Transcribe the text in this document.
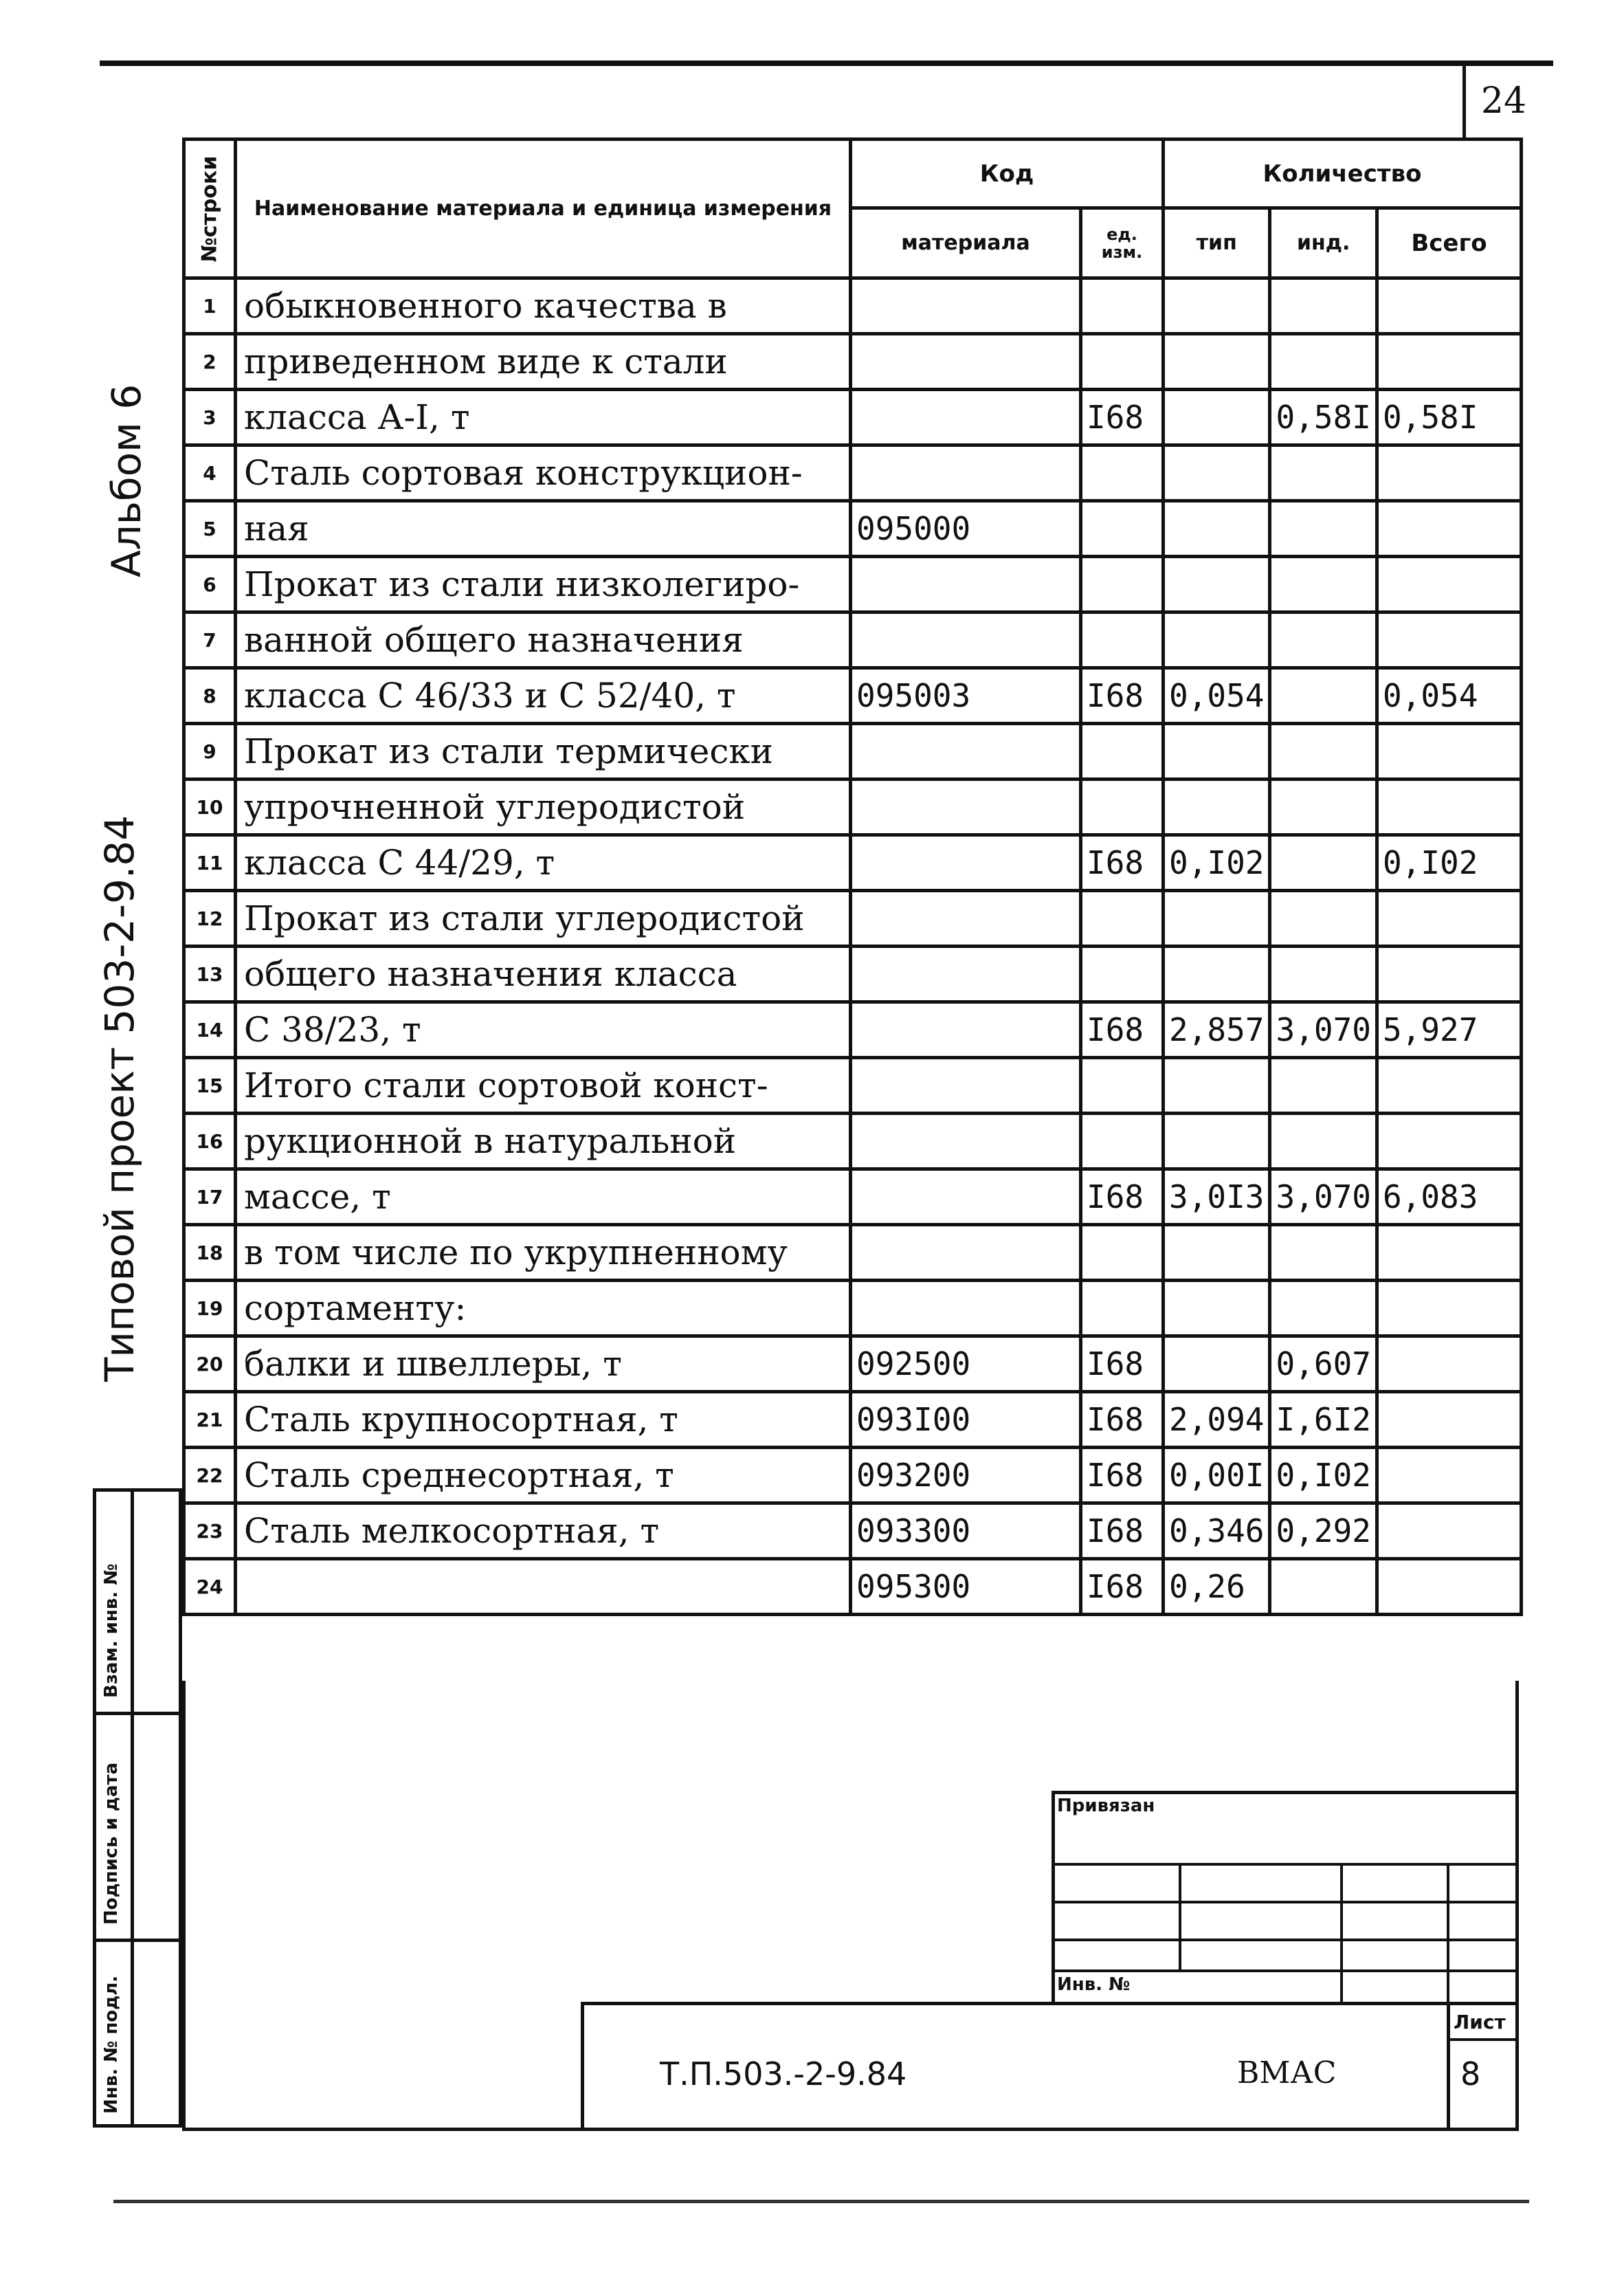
24
Альбом 6
Типовой проект 503-2-9.84
№строки	Наименование материала и единица измерения	Код		Количество		
		материала	ед. изм.	тип	инд.	Всего
1	обыкновенного качества в					
2	приведенном виде к стали					
3	класса А-I, т		I68		0,58I	0,58I
4	Сталь сортовая конструкцион-					
5	ная	095000				
6	Прокат из стали низколегиро-					
7	ванной общего назначения					
8	класса С 46/33 и С 52/40, т	095003	I68	0,054		0,054
9	Прокат из стали термически					
10	упрочненной углеродистой					
11	класса С 44/29, т		I68	0,I02		0,I02
12	Прокат из стали углеродистой					
13	общего назначения класса					
14	С 38/23, т		I68	2,857	3,070	5,927
15	Итого стали сортовой конст-					
16	рукционной в натуральной					
17	массе, т		I68	3,0I3	3,070	6,083
18	в том числе по укрупненному					
19	сортаменту:					
20	балки и швеллеры, т	092500	I68		0,607	
21	Сталь крупносортная, т	093I00	I68	2,094	I,6I2	
22	Сталь среднесортная, т	093200	I68	0,00I	0,I02	
23	Сталь мелкосортная, т	093300	I68	0,346	0,292	
24		095300	I68	0,26		
Взам. инв. №
Подпись и дата
Инв. № подл.
Привязан
Инв. №
Т.П.503.-2-9.84	ВМАС
Лист
8
